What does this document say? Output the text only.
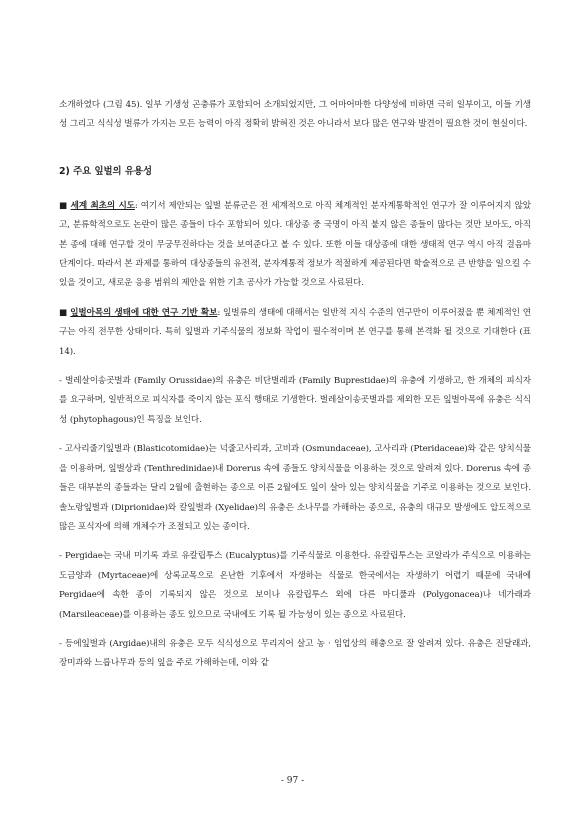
소개하였다 (그림 45). 일부 기생성 곤충류가 포함되어 소개되었지만, 그 어마어마한 다양성에 비하면 극히 일부이고, 이들 기생성 그리고 식식성 벌류가 가지는 모든 능력이 아직 정확히 밝혀진 것은 아니라서 보다 많은 연구와 발견이 필요한 것이 현실이다.

2) 주요 잎벌의 유용성

■ 세계 최초의 시도: 여기서 제안되는 잎벌 분류군은 전 세계적으로 아직 체계적인 분자계통학적인 연구가 잘 이루어지지 않았고, 분류학적으로도 논란이 많은 종들이 다수 포함되어 있다. 대상종 중 국명이 아직 붙지 않은 종들이 많다는 것만 보아도, 아직 본 종에 대해 연구할 것이 무궁무진하다는 것을 보여준다고 볼 수 있다. 또한 이들 대상종에 대한 생태적 연구 역시 아직 걸음마 단계이다. 따라서 본 과제를 통하여 대상종들의 유전적, 분자계통적 정보가 적절하게 제공된다면 학술적으로 큰 반향을 일으킬 수 있을 것이고, 새로운 응용 범위의 제안을 위한 기초 공사가 가능할 것으로 사료된다.

■ 잎벌아목의 생태에 대한 연구 기반 확보: 잎벌류의 생태에 대해서는 일반적 지식 수준의 연구만이 이루어졌을 뿐 체계적인 연구는 아직 전무한 상태이다. 특히 잎벌과 기주식물의 정보화 작업이 필수적이며 본 연구를 통해 본격화 될 것으로 기대한다 (표 14).

- 벌레살이송곳벌과 (Family Orussidae)의 유충은 비단벌레과 (Family Buprestidae)의 유충에 기생하고, 한 개체의 피식자를 요구하며, 일반적으로 피식자를 죽이지 않는 포식 행태로 기생한다. 벌레살이송곳벌과를 제외한 모든 잎벌아목에 유충은 식식성 (phytophagous)인 특징을 보인다.

- 고사리줄기잎벌과 (Blasticotomidae)는 넉줄고사리과, 고비과 (Osmundaceae), 고사리과 (Pteridaceae)와 같은 양치식물을 이용하며, 잎벌상과 (Tenthredinidae)내 Dorerus 속에 종들도 양치식물을 이용하는 것으로 알려져 있다. Dorerus 속에 종들은 대부분의 종들과는 달리 2월에 출현하는 종으로 이른 2월에도 잎이 살아 있는 양치식물을 기주로 이용하는 것으로 보인다. 솔노랑잎벌과 (Diprionidae)와 칼잎벌과 (Xyelidae)의 유충은 소나무를 가해하는 종으로, 유충의 대규모 발생에도 압도적으로 많은 포식자에 의해 개체수가 조절되고 있는 종이다.

- Pergidae는 국내 미기록 과로 유칼립투스 (Eucalyptus)를 기주식물로 이용한다. 유칼립투스는 코알라가 주식으로 이용하는 도금양과 (Myrtaceae)에 상록교목으로 온난한 기후에서 자생하는 식물로 한국에서는 자생하기 어렵기 때문에 국내에 Pergidae에 속한 종이 기록되지 않은 것으로 보이나 유칼립투스 외에 다른 마디풀과 (Polygonacea)나 네가래과 (Marsileaceae)를 이용하는 종도 있으므로 국내에도 기록 될 가능성이 있는 종으로 사료된다.

- 등에잎벌과 (Argidae)내의 유충은 모두 식식성으로 무리지어 살고 농 · 임업상의 해충으로 잘 알려져 있다. 유충은 진달래과, 장미과와 느릅나무과 등의 잎을 주로 가해하는데, 이와 같

- 97 -
